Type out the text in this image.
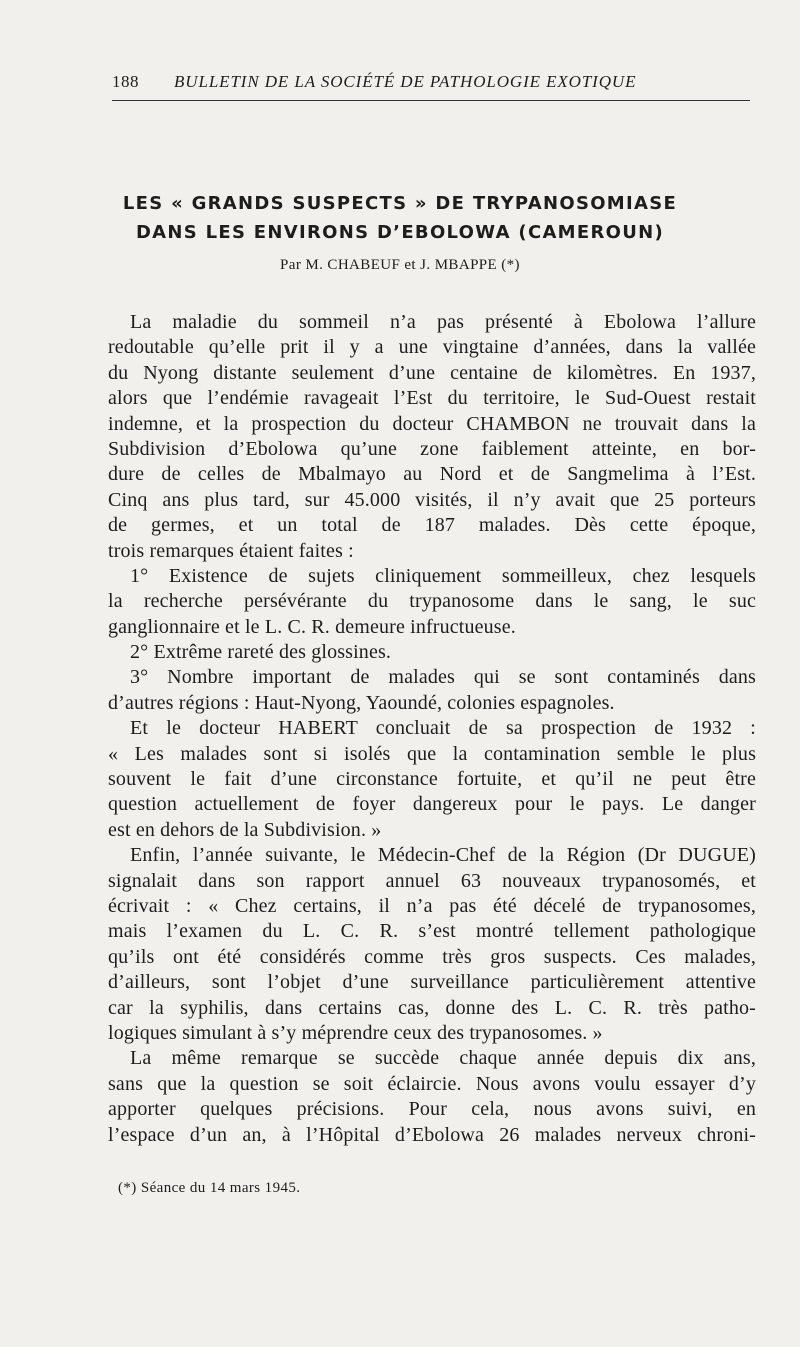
188 BULLETIN DE LA SOCIÉTÉ DE PATHOLOGIE EXOTIQUE
LES « GRANDS SUSPECTS » DE TRYPANOSOMIASE
DANS LES ENVIRONS D’EBOLOWA (CAMEROUN)
Par M. CHABEUF et J. MBAPPE (*)
La maladie du sommeil n’a pas présenté à Ebolowa l’allure
redoutable qu’elle prit il y a une vingtaine d’années, dans la vallée
du Nyong distante seulement d’une centaine de kilomètres. En 1937,
alors que l’endémie ravageait l’Est du territoire, le Sud-Ouest restait
indemne, et la prospection du docteur CHAMBON ne trouvait dans la
Subdivision d’Ebolowa qu’une zone faiblement atteinte, en bor-
dure de celles de Mbalmayo au Nord et de Sangmelima à l’Est.
Cinq ans plus tard, sur 45.000 visités, il n’y avait que 25 porteurs
de germes, et un total de 187 malades. Dès cette époque,
trois remarques étaient faites :
1° Existence de sujets cliniquement sommeilleux, chez lesquels
la recherche persévérante du trypanosome dans le sang, le suc
ganglionnaire et le L. C. R. demeure infructueuse.
2° Extrême rareté des glossines.
3° Nombre important de malades qui se sont contaminés dans
d’autres régions : Haut-Nyong, Yaoundé, colonies espagnoles.
Et le docteur HABERT concluait de sa prospection de 1932 :
« Les malades sont si isolés que la contamination semble le plus
souvent le fait d’une circonstance fortuite, et qu’il ne peut être
question actuellement de foyer dangereux pour le pays. Le danger
est en dehors de la Subdivision. »
Enfin, l’année suivante, le Médecin-Chef de la Région (Dr DUGUE)
signalait dans son rapport annuel 63 nouveaux trypanosomés, et
écrivait : « Chez certains, il n’a pas été décelé de trypanosomes,
mais l’examen du L. C. R. s’est montré tellement pathologique
qu’ils ont été considérés comme très gros suspects. Ces malades,
d’ailleurs, sont l’objet d’une surveillance particulièrement attentive
car la syphilis, dans certains cas, donne des L. C. R. très patho-
logiques simulant à s’y méprendre ceux des trypanosomes. »
La même remarque se succède chaque année depuis dix ans,
sans que la question se soit éclaircie. Nous avons voulu essayer d’y
apporter quelques précisions. Pour cela, nous avons suivi, en
l’espace d’un an, à l’Hôpital d’Ebolowa 26 malades nerveux chroni-
(*) Séance du 14 mars 1945.
